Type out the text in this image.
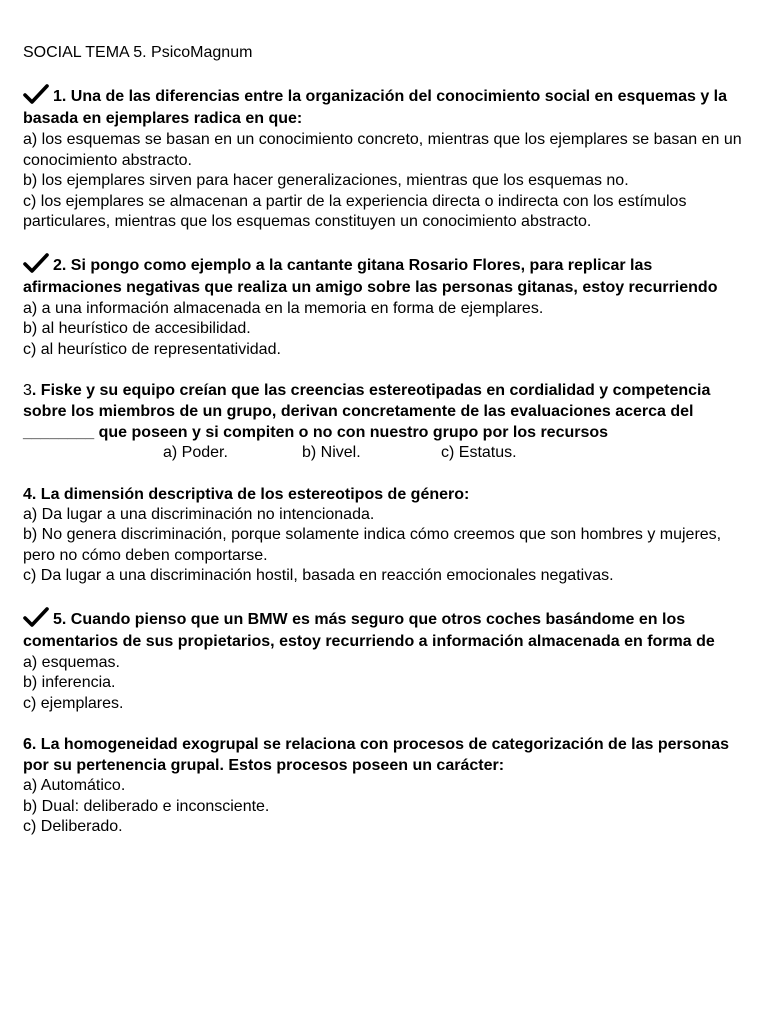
SOCIAL TEMA 5. PsicoMagnum
1. Una de las diferencias entre la organización del conocimiento social en esquemas y la basada en ejemplares radica en que:
a) los esquemas se basan en un conocimiento concreto, mientras que los ejemplares se basan en un conocimiento abstracto.
b) los ejemplares sirven para hacer generalizaciones, mientras que los esquemas no.
c) los ejemplares se almacenan a partir de la experiencia directa o indirecta con los estímulos particulares, mientras que los esquemas constituyen un conocimiento abstracto.
2. Si pongo como ejemplo a la cantante gitana Rosario Flores, para replicar las afirmaciones negativas que realiza un amigo sobre las personas gitanas, estoy recurriendo
a) a una información almacenada en la memoria en forma de ejemplares.
b) al heurístico de accesibilidad.
c) al heurístico de representatividad.
3. Fiske y su equipo creían que las creencias estereotipadas en cordialidad y competencia sobre los miembros de un grupo, derivan concretamente de las evaluaciones acerca del ________ que poseen y si compiten o no con nuestro grupo por los recursos
a) Poder.	b) Nivel.	c) Estatus.
4. La dimensión descriptiva de los estereotipos de género:
a) Da lugar a una discriminación no intencionada.
b) No genera discriminación, porque solamente indica cómo creemos que son hombres y mujeres, pero no cómo deben comportarse.
c) Da lugar a una discriminación hostil, basada en reacción emocionales negativas.
5. Cuando pienso que un BMW es más seguro que otros coches basándome en los comentarios de sus propietarios, estoy recurriendo a información almacenada en forma de
a) esquemas.
b) inferencia.
c) ejemplares.
6. La homogeneidad exogrupal se relaciona con procesos de categorización de las personas por su pertenencia grupal. Estos procesos poseen un carácter:
a) Automático.
b) Dual: deliberado e inconsciente.
c) Deliberado.
